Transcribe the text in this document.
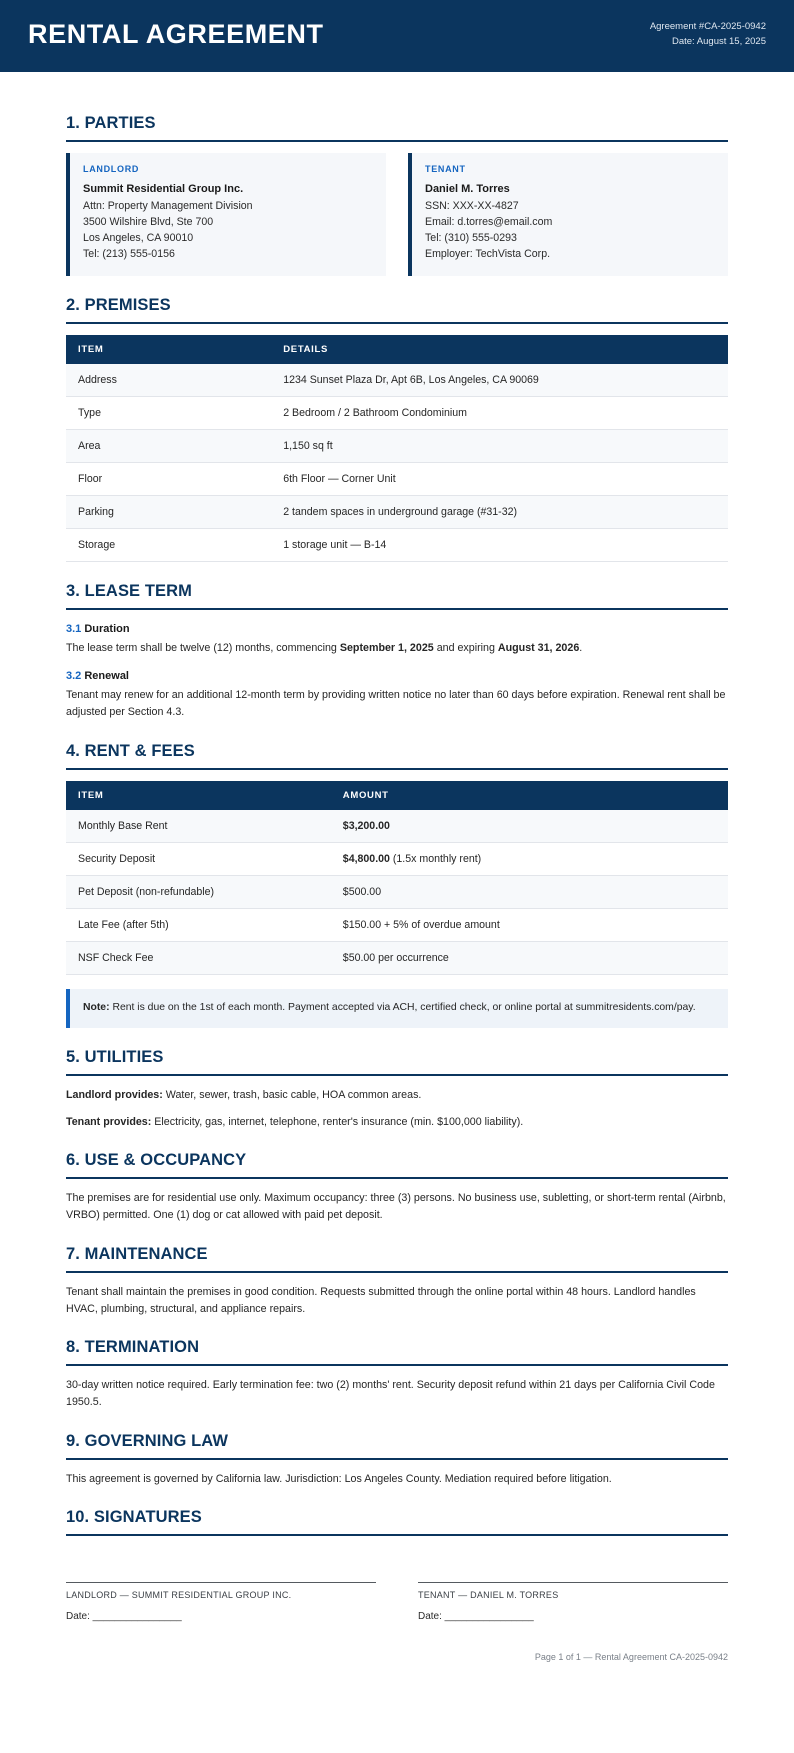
RENTAL AGREEMENT	Agreement #CA-2025-0942
Date: August 15, 2025
1. PARTIES
LANDLORD
Summit Residential Group Inc.
Attn: Property Management Division
3500 Wilshire Blvd, Ste 700
Los Angeles, CA 90010
Tel: (213) 555-0156
TENANT
Daniel M. Torres
SSN: XXX-XX-4827
Email: d.torres@email.com
Tel: (310) 555-0293
Employer: TechVista Corp.
2. PREMISES
ITEM	DETAILS
Address	1234 Sunset Plaza Dr, Apt 6B, Los Angeles, CA 90069
Type	2 Bedroom / 2 Bathroom Condominium
Area	1,150 sq ft
Floor	6th Floor — Corner Unit
Parking	2 tandem spaces in underground garage (#31-32)
Storage	1 storage unit — B-14
3. LEASE TERM
3.1 Duration

The lease term shall be twelve (12) months, commencing September 1, 2025 and expiring August 31, 2026.

3.2 Renewal

Tenant may renew for an additional 12-month term by providing written notice no later than 60 days before expiration. Renewal rent shall be adjusted per Section 4.3.

4. RENT & FEES
ITEM	AMOUNT
Monthly Base Rent	$3,200.00
Security Deposit	$4,800.00 (1.5x monthly rent)
Pet Deposit (non-refundable)	$500.00
Late Fee (after 5th)	$150.00 + 5% of overdue amount
NSF Check Fee	$50.00 per occurrence

Note: Rent is due on the 1st of each month. Payment accepted via ACH, certified check, or online portal at summitresidents.com/pay.

5. UTILITIES

Landlord provides: Water, sewer, trash, basic cable, HOA common areas.

Tenant provides: Electricity, gas, internet, telephone, renter's insurance (min. $100,000 liability).

6. USE & OCCUPANCY

The premises are for residential use only. Maximum occupancy: three (3) persons. No business use, subletting, or short-term rental (Airbnb, VRBO) permitted. One (1) dog or cat allowed with paid pet deposit.

7. MAINTENANCE

Tenant shall maintain the premises in good condition. Requests submitted through the online portal within 48 hours. Landlord handles HVAC, plumbing, structural, and appliance repairs.

8. TERMINATION

30-day written notice required. Early termination fee: two (2) months' rent. Security deposit refund within 21 days per California Civil Code 1950.5.

9. GOVERNING LAW

This agreement is governed by California law. Jurisdiction: Los Angeles County. Mediation required before litigation.

10. SIGNATURES
LANDLORD — SUMMIT RESIDENTIAL GROUP INC.
Date: ________________
TENANT — DANIEL M. TORRES
Date: ________________
Page 1 of 1 — Rental Agreement CA-2025-0942
